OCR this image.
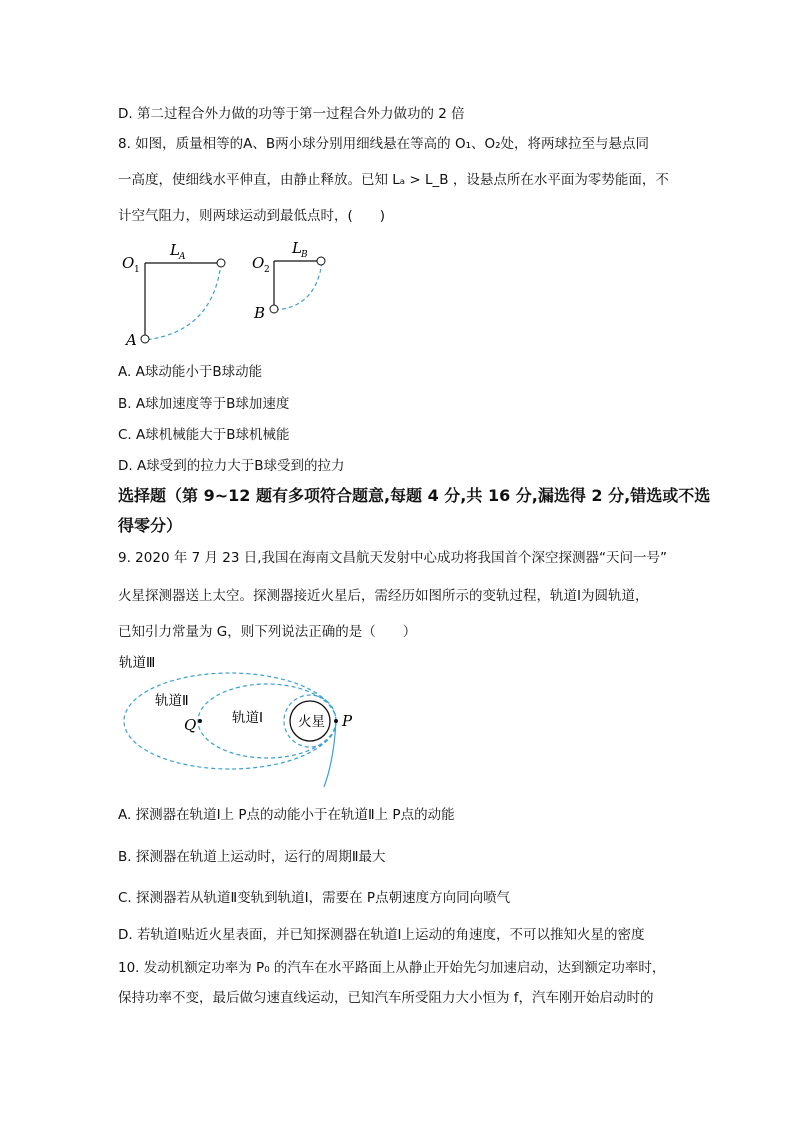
D. 第二过程合外力做的功等于第一过程合外力做功的 2 倍
8. 如图，质量相等的A、B两小球分别用细线悬在等高的 O₁、O₂处，将两球拉至与悬点同
一高度，使细线水平伸直，由静止释放。已知 Lₐ > L_B ，设悬点所在水平面为零势能面，不
计空气阻力，则两球运动到最低点时，(　　)
O 1
L A
A
O 2
L B
B
A. A球动能小于B球动能
B. A球加速度等于B球加速度
C. A球机械能大于B球机械能
D. A球受到的拉力大于B球受到的拉力
选择题（第 9~12 题有多项符合题意,每题 4 分,共 16 分,漏选得 2 分,错选或不选
得零分）
9. 2020 年 7 月 23 日,我国在海南文昌航天发射中心成功将我国首个深空探测器“天问一号”
火星探测器送上太空。探测器接近火星后，需经历如图所示的变轨过程，轨道Ⅰ为圆轨道，
已知引力常量为 G，则下列说法正确的是（　　）
轨道Ⅲ
火星
轨道Ⅱ
轨道Ⅰ
Q	P
A. 探测器在轨道Ⅰ上 P点的动能小于在轨道Ⅱ上 P点的动能
B. 探测器在轨道上运动时，运行的周期Ⅱ最大
C. 探测器若从轨道Ⅱ变轨到轨道Ⅰ，需要在 P点朝速度方向同向喷气
D. 若轨道Ⅰ贴近火星表面，并已知探测器在轨道Ⅰ上运动的角速度，不可以推知火星的密度
10. 发动机额定功率为 P₀ 的汽车在水平路面上从静止开始先匀加速启动，达到额定功率时，
保持功率不变，最后做匀速直线运动，已知汽车所受阻力大小恒为 f，汽车刚开始启动时的
